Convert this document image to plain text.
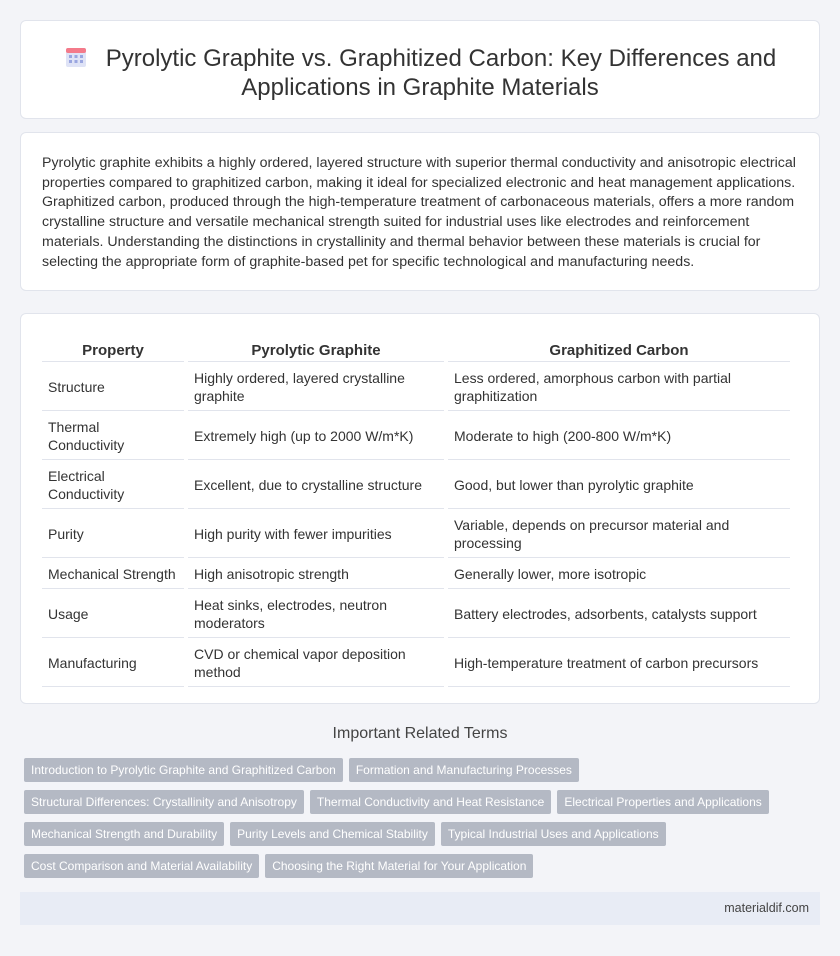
Pyrolytic Graphite vs. Graphitized Carbon: Key Differences and
Applications in Graphite Materials

Pyrolytic graphite exhibits a highly ordered, layered structure with superior thermal conductivity and anisotropic electrical properties compared to graphitized carbon, making it ideal for specialized electronic and heat management applications. Graphitized carbon, produced through the high-temperature treatment of carbonaceous materials, offers a more random crystalline structure and versatile mechanical strength suited for industrial uses like electrodes and reinforcement materials. Understanding the distinctions in crystallinity and thermal behavior between these materials is crucial for selecting the appropriate form of graphite-based pet for specific technological and manufacturing needs.

Property	Pyrolytic Graphite	Graphitized Carbon
Structure	Highly ordered, layered crystalline graphite	Less ordered, amorphous carbon with partial graphitization
Thermal Conductivity	Extremely high (up to 2000 W/m*K)	Moderate to high (200-800 W/m*K)
Electrical Conductivity	Excellent, due to crystalline structure	Good, but lower than pyrolytic graphite
Purity	High purity with fewer impurities	Variable, depends on precursor material and processing
Mechanical Strength	High anisotropic strength	Generally lower, more isotropic
Usage	Heat sinks, electrodes, neutron moderators	Battery electrodes, adsorbents, catalysts support
Manufacturing	CVD or chemical vapor deposition method	High-temperature treatment of carbon precursors
Important Related Terms
Introduction to Pyrolytic Graphite and Graphitized Carbon Formation and Manufacturing Processes
Structural Differences: Crystallinity and Anisotropy Thermal Conductivity and Heat Resistance Electrical Properties and Applications
Mechanical Strength and Durability Purity Levels and Chemical Stability Typical Industrial Uses and Applications
Cost Comparison and Material Availability Choosing the Right Material for Your Application
materialdif.com
